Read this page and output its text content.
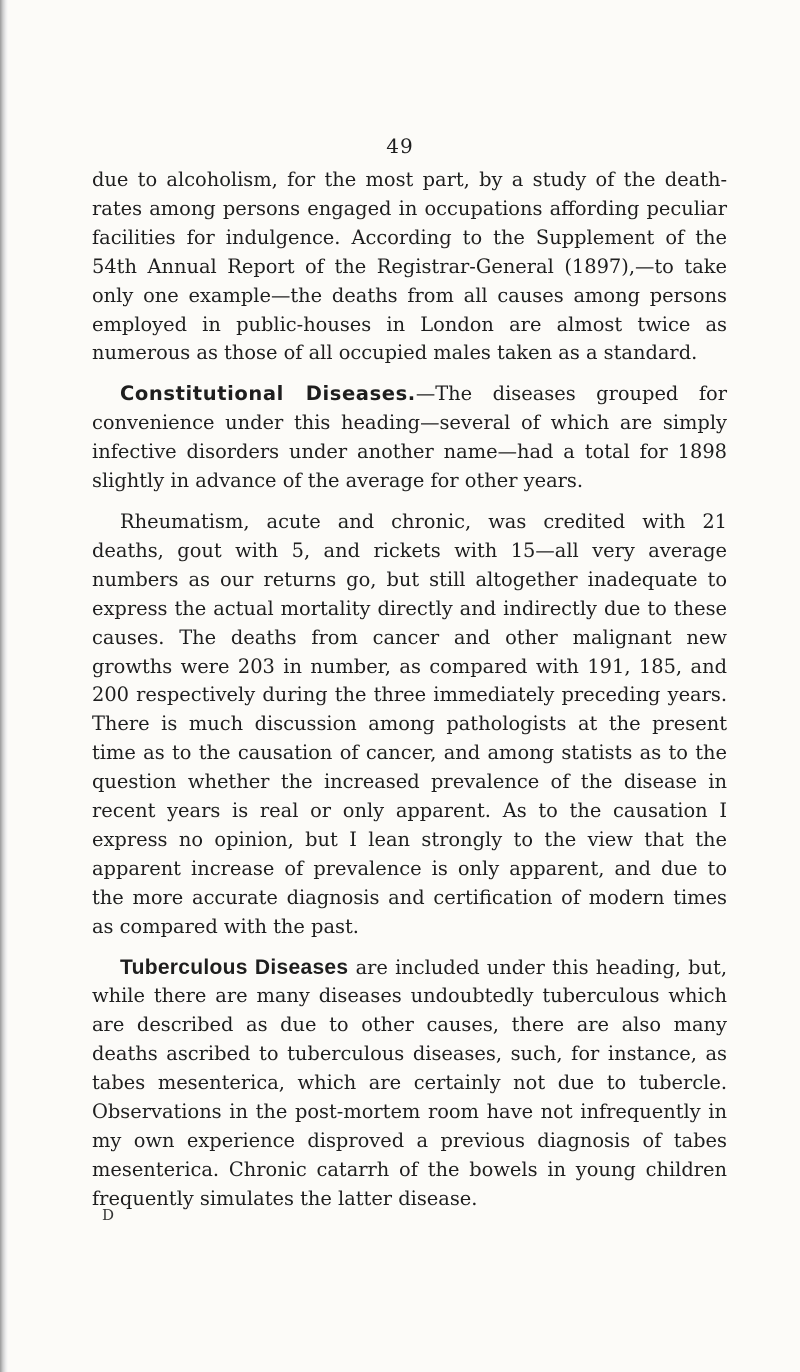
49

due to alcoholism, for the most part, by a study of the death-rates among persons engaged in occupations affording peculiar facilities for indulgence. According to the Supplement of the 54th Annual Report of the Registrar-General (1897),—to take only one example—the deaths from all causes among persons employed in public-houses in London are almost twice as numerous as those of all occupied males taken as a standard.

Constitutional Diseases.—The diseases grouped for convenience under this heading—several of which are simply infective disorders under another name—had a total for 1898 slightly in advance of the average for other years.

Rheumatism, acute and chronic, was credited with 21 deaths, gout with 5, and rickets with 15—all very average numbers as our returns go, but still altogether inadequate to express the actual mortality directly and indirectly due to these causes. The deaths from cancer and other malignant new growths were 203 in number, as compared with 191, 185, and 200 respectively during the three immediately preceding years. There is much discussion among pathologists at the present time as to the causation of cancer, and among statists as to the question whether the increased prevalence of the disease in recent years is real or only apparent. As to the causation I express no opinion, but I lean strongly to the view that the apparent increase of prevalence is only apparent, and due to the more accurate diagnosis and certification of modern times as compared with the past.

Tuberculous Diseases are included under this heading, but, while there are many diseases undoubtedly tuberculous which are described as due to other causes, there are also many deaths ascribed to tuberculous diseases, such, for instance, as tabes mesenterica, which are certainly not due to tubercle. Observations in the post-mortem room have not infrequently in my own experience disproved a previous diagnosis of tabes mesenterica. Chronic catarrh of the bowels in young children frequently simulates the latter disease.

D
